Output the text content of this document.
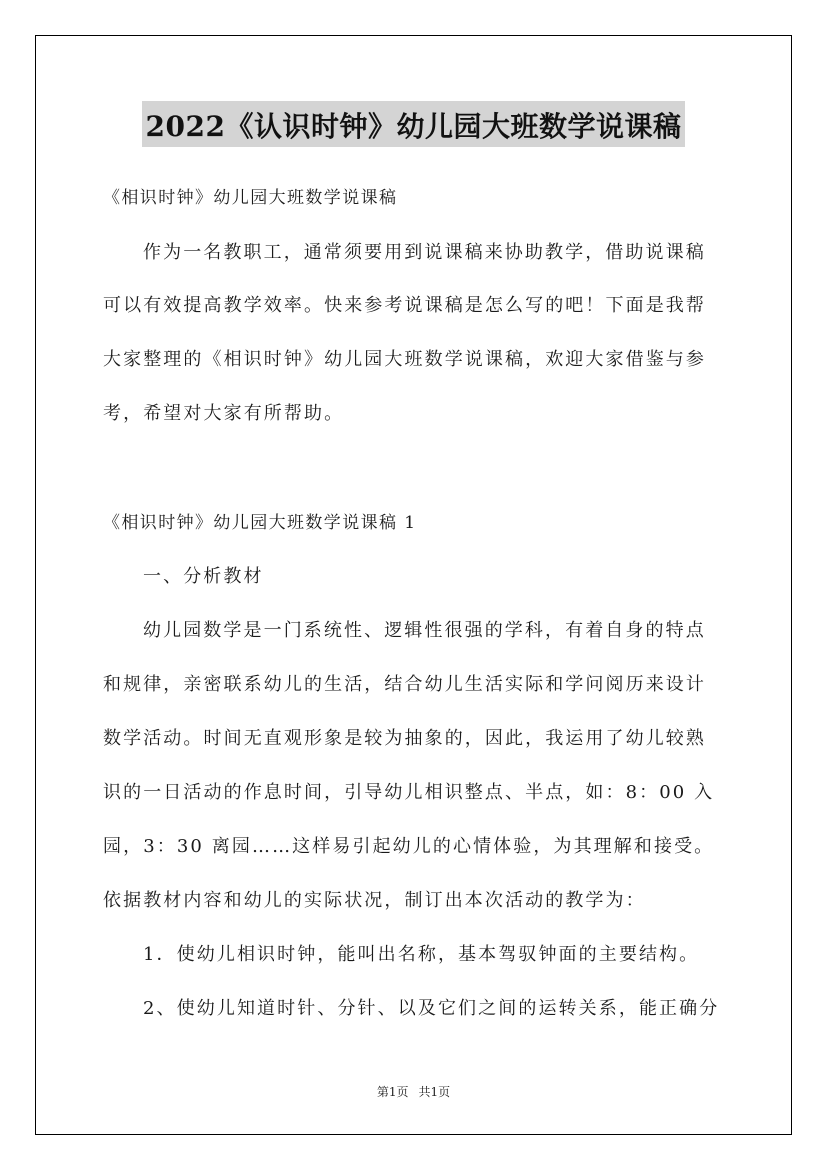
2022《认识时钟》幼儿园大班数学说课稿
《相识时钟》幼儿园大班数学说课稿
作为一名教职工，通常须要用到说课稿来协助教学，借助说课稿
可以有效提高教学效率。快来参考说课稿是怎么写的吧！下面是我帮
大家整理的《相识时钟》幼儿园大班数学说课稿，欢迎大家借鉴与参
考，希望对大家有所帮助。
《相识时钟》幼儿园大班数学说课稿 1
一、分析教材
幼儿园数学是一门系统性、逻辑性很强的学科，有着自身的特点
和规律，亲密联系幼儿的生活，结合幼儿生活实际和学问阅历来设计
数学活动。时间无直观形象是较为抽象的，因此，我运用了幼儿较熟
识的一日活动的作息时间，引导幼儿相识整点、半点，如：8：00 入
园，3：30 离园……这样易引起幼儿的心情体验，为其理解和接受。
依据教材内容和幼儿的实际状况，制订出本次活动的教学为：
1．使幼儿相识时钟，能叫出名称，基本驾驭钟面的主要结构。
2、使幼儿知道时针、分针、以及它们之间的运转关系，能正确分
第1页 共1页
